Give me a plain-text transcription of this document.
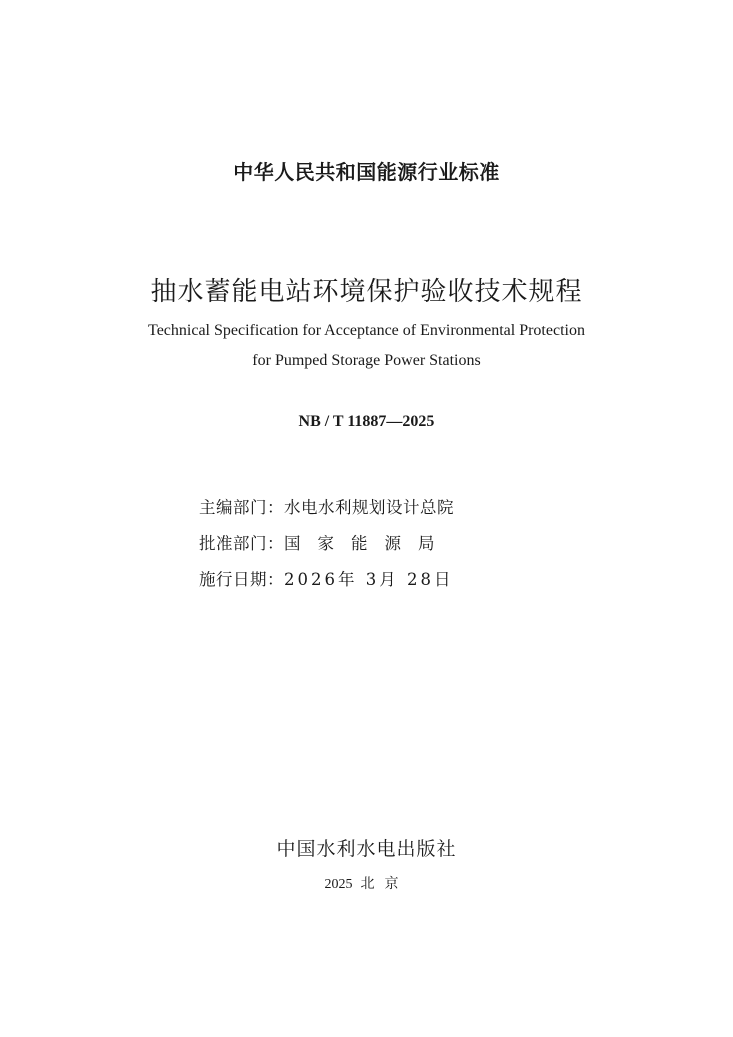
中华人民共和国能源行业标准
抽水蓄能电站环境保护验收技术规程
Technical Specification for Acceptance of Environmental Protection
for Pumped Storage Power Stations
NB / T 11887—2025
主编部门：水电水利规划设计总院
批准部门：国家能源局
施行日期：2026年 3月 28日
中国水利水电出版社
2025 北京
